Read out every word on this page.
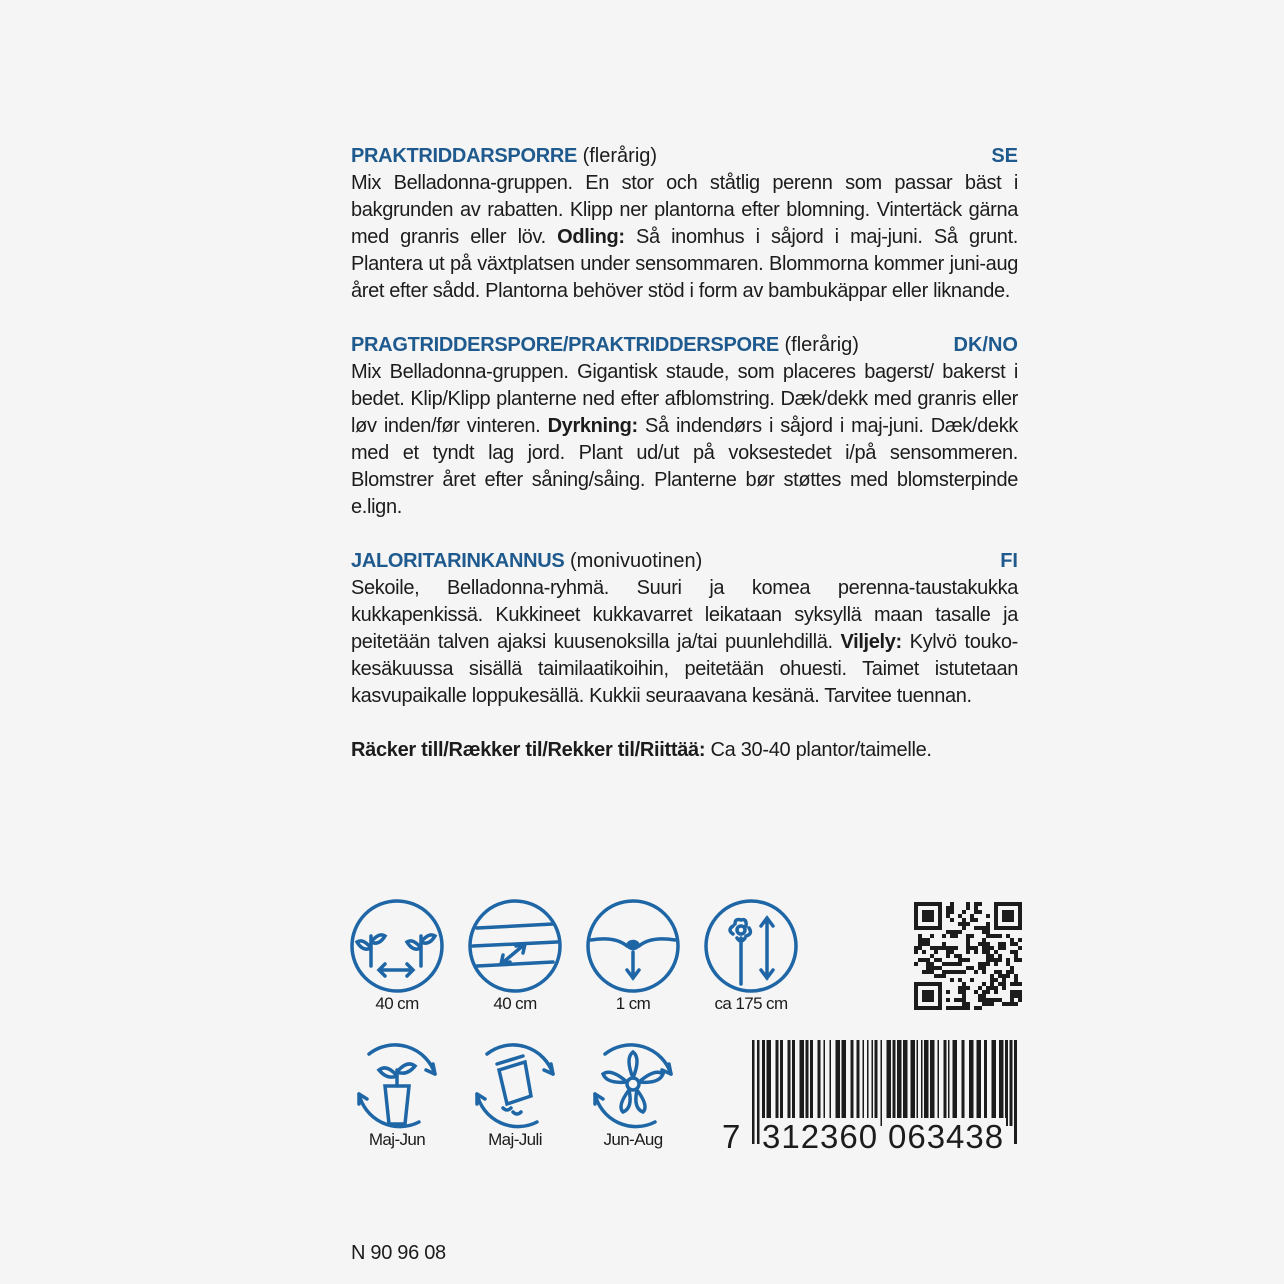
PRAKTRIDDARSPORRE (flerårig)	SE
Mix Belladonna-gruppen. En stor och ståtlig perenn som passar bäst i bakgrunden av rabatten. Klipp ner plantorna efter blomning. Vintertäck gärna med granris eller löv. Odling: Så inomhus i såjord i maj-juni. Så grunt. Plantera ut på växtplatsen under sensommaren. Blommorna kommer juni-aug året efter sådd. Plantorna behöver stöd i form av bambukäppar eller liknande.
PRAGTRIDDERSPORE/PRAKTRIDDERSPORE (flerårig)	DK/NO
Mix Belladonna-gruppen. Gigantisk staude, som placeres bagerst/ bakerst i bedet. Klip/Klipp planterne ned efter afblomstring. Dæk/dekk med granris eller løv inden/før vinteren. Dyrkning: Så indendørs i såjord i maj-juni. Dæk/dekk med et tyndt lag jord. Plant ud/ut på voksestedet i/på sensommeren. Blomstrer året efter såning/såing. Planterne bør støttes med blomsterpinde e.lign.
JALORITARINKANNUS (monivuotinen)	FI
Sekoile, Belladonna-ryhmä. Suuri ja komea perenna-taustakukka kukkapenkissä. Kukkineet kukkavarret leikataan syksyllä maan tasalle ja peitetään talven ajaksi kuusenoksilla ja/tai puunlehdillä. Viljely: Kylvö touko-kesäkuussa sisällä taimilaatikoihin, peitetään ohuesti. Taimet istutetaan kasvupaikalle loppukesällä. Kukkii seuraavana kesänä. Tarvitee tuennan.
Räcker till/Rækker til/Rekker til/Riittää: Ca 30-40 plantor/taimelle.
40 cm	40 cm	1 cm	ca 175 cm
Maj-Jun	Maj-Juli	Jun-Aug	7 312360 063438
N 90 96 08
